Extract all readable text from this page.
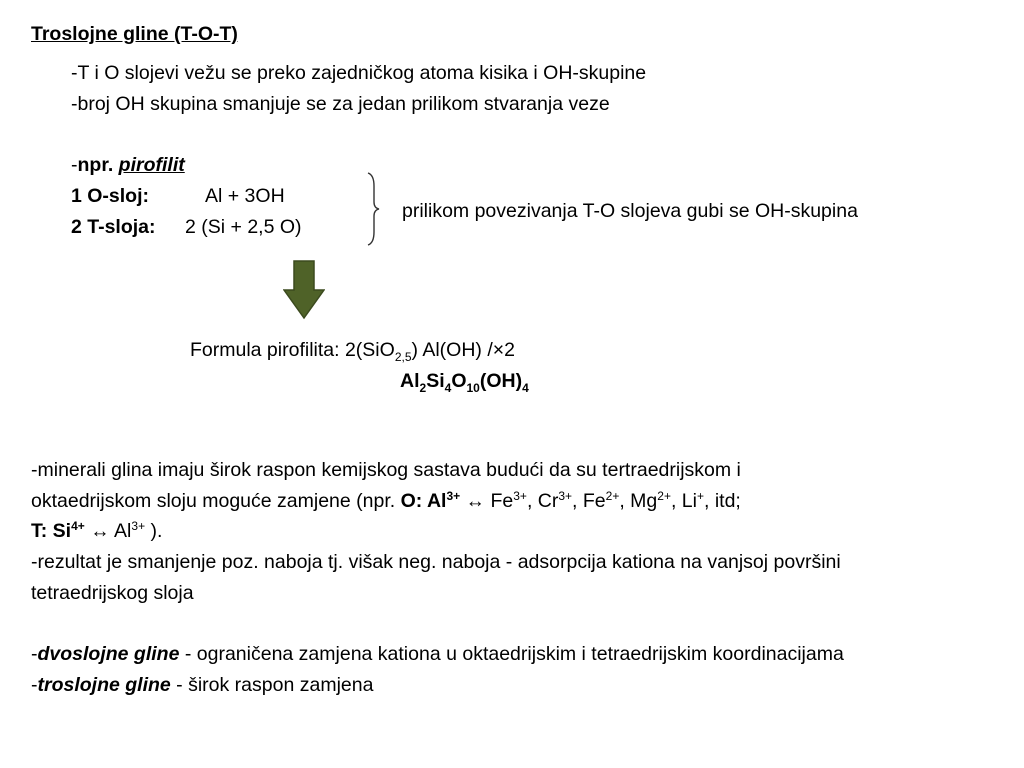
Troslojne gline (T-O-T)
-T i O slojevi vežu se preko zajedničkog atoma kisika i OH-skupine
-broj OH skupina smanjuje se za jedan prilikom stvaranja veze
-npr. pirofilit
1 O-sloj:	Al + 3OH
2 T-sloja: 2 (Si + 2,5 O)
prilikom povezivanja T-O slojeva gubi se OH-skupina
Formula pirofilita: 2(SiO$_{2,5}$) Al(OH) /×2
$Al_2Si_4O_{10}(OH)_4$
-minerali glina imaju širok raspon kemijskog sastava budući da su tertraedrijskom i
oktaedrijskom sloju moguće zamjene (npr. O: $Al^{3+}$ ↔ $Fe^{3+}$, $Cr^{3+}$, $Fe^{2+}$, $Mg^{2+}$, Li+, itd;
T: $Si^{4+}$ ↔ $Al^{3+}$ ).
-rezultat je smanjenje poz. naboja tj. višak neg. naboja - adsorpcija kationa na vanjsoj površini
tetraedrijskog sloja
-dvoslojne gline - ograničena zamjena kationa u oktaedrijskim i tetraedrijskim koordinacijama
-troslojne gline - širok raspon zamjena
